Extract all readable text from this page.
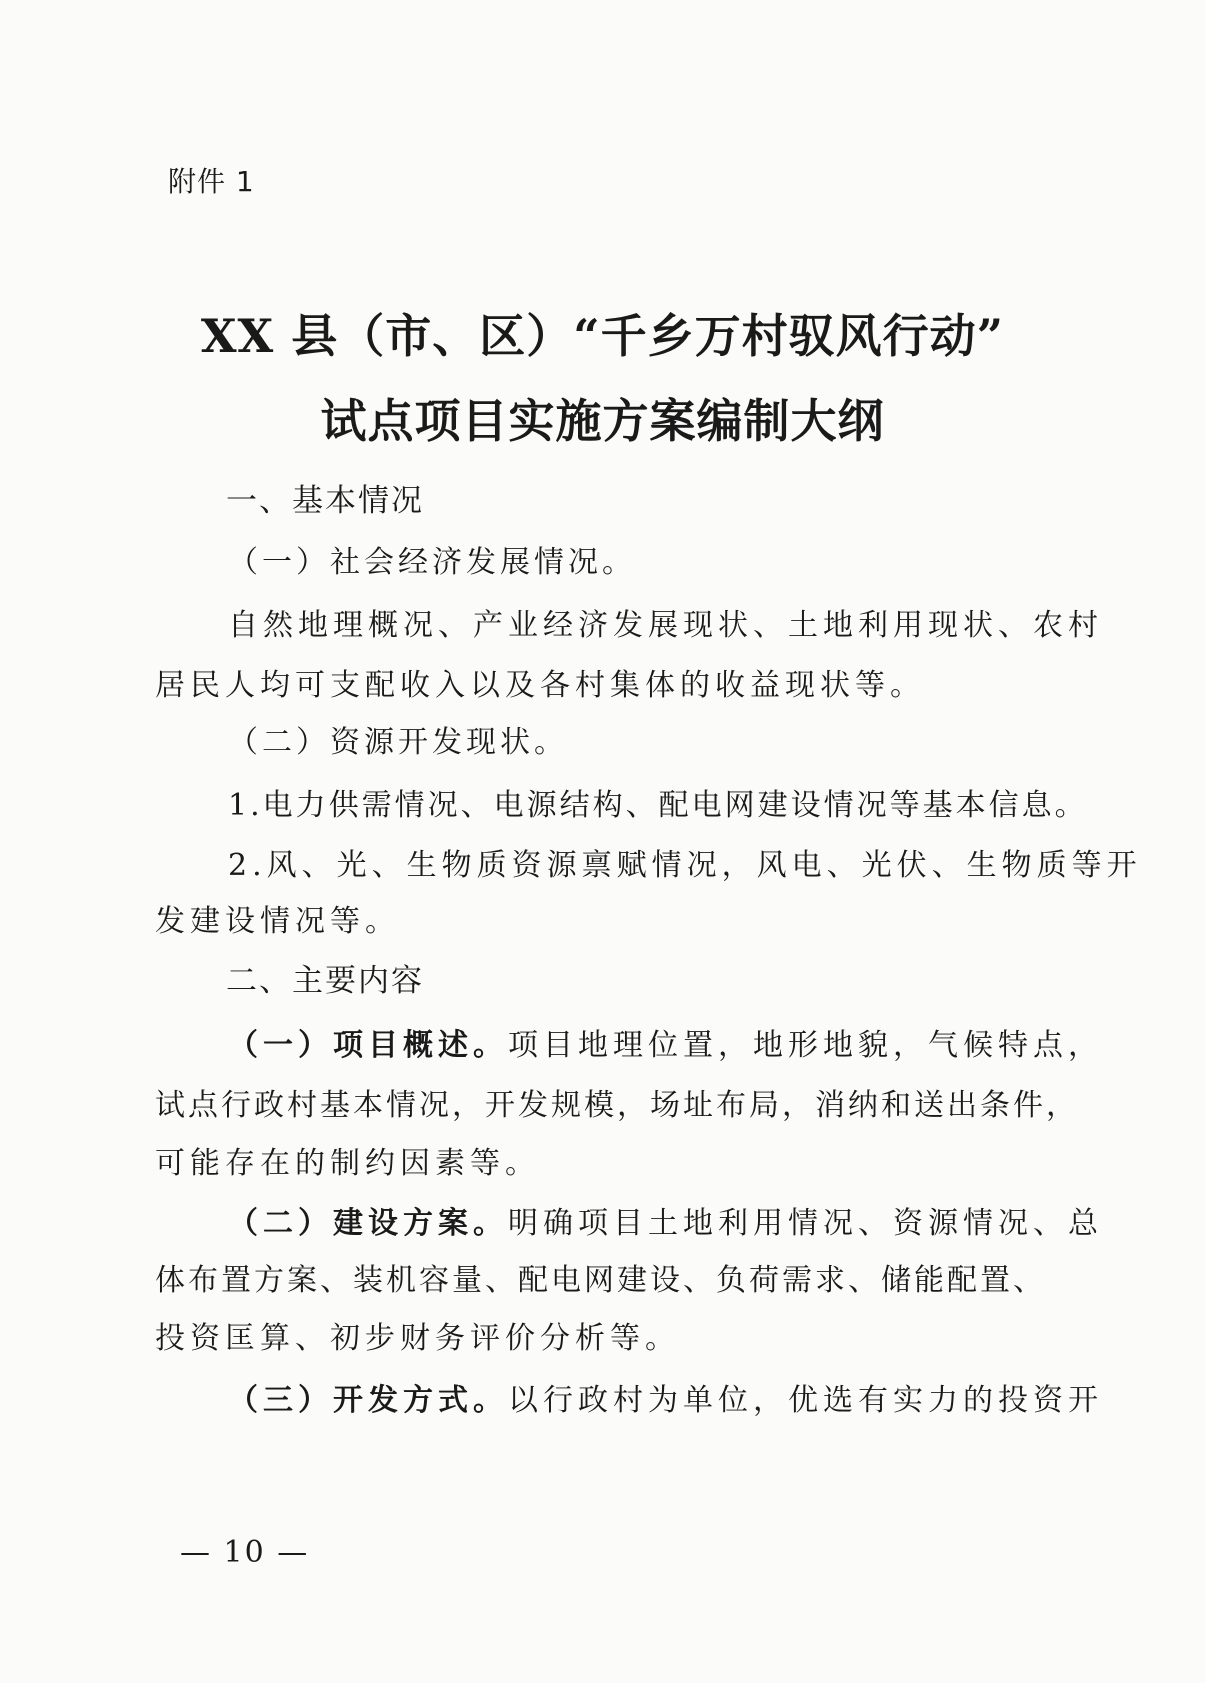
附件 1
XX 县（市、区）“千乡万村驭风行动”
试点项目实施方案编制大纲
一、基本情况
（一）社会经济发展情况。
自然地理概况、产业经济发展现状、土地利用现状、农村
居民人均可支配收入以及各村集体的收益现状等。
（二）资源开发现状。
1.电力供需情况、电源结构、配电网建设情况等基本信息。
2.风、光、生物质资源禀赋情况，风电、光伏、生物质等开
发建设情况等。
二、主要内容
（一）项目概述。项目地理位置，地形地貌，气候特点，
试点行政村基本情况，开发规模，场址布局，消纳和送出条件，
可能存在的制约因素等。
（二）建设方案。明确项目土地利用情况、资源情况、总
体布置方案、装机容量、配电网建设、负荷需求、储能配置、
投资匡算、初步财务评价分析等。
（三）开发方式。以行政村为单位，优选有实力的投资开
— 10 —
